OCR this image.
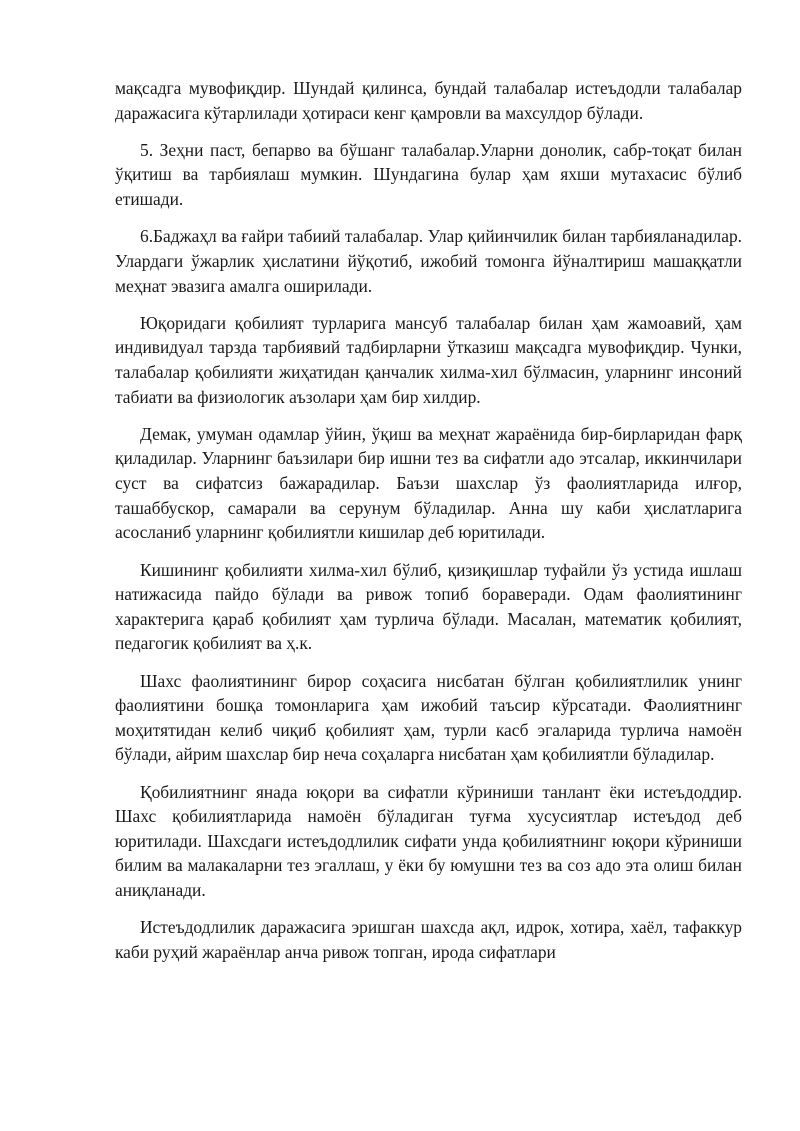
мақсадга мувофиқдир. Шундай қилинса, бундай талабалар истеъдодли талабалар даражасига кўтарлилади ҳотираси кенг қамровли ва махсулдор бўлади.

5. Зеҳни паст, бепарво ва бўшанг талабалар.Уларни донолик, сабр-тоқат билан ўқитиш ва тарбиялаш мумкин. Шундагина булар ҳам яхши мутахасис бўлиб етишади.

6.Баджаҳл ва ғайри табиий талабалар. Улар қийинчилик билан тарбияланадилар. Улардаги ўжарлик ҳислатини йўқотиб, ижобий томонга йўналтириш машаққатли меҳнат эвазига амалга оширилади.

Юқоридаги қобилият турларига мансуб талабалар билан ҳам жамоавий, ҳам индивидуал тарзда тарбиявий тадбирларни ўтказиш мақсадга мувофиқдир. Чунки, талабалар қобилияти жиҳатидан қанчалик хилма-хил бўлмасин, уларнинг инсоний табиати ва физиологик аъзолари ҳам бир хилдир.

Демак, умуман одамлар ўйин, ўқиш ва меҳнат жараёнида бир-бирларидан фарқ қиладилар. Уларнинг баъзилари бир ишни тез ва сифатли адо этсалар, иккинчилари суст ва сифатсиз бажарадилар. Баъзи шахслар ўз фаолиятларида илғор, ташаббускор, самарали ва серунум бўладилар. Анна шу каби ҳислатларига асосланиб уларнинг қобилиятли кишилар деб юритилади.

Кишининг қобилияти хилма-хил бўлиб, қизиқишлар туфайли ўз устида ишлаш натижасида пайдо бўлади ва ривож топиб бораверади. Одам фаолиятининг характерига қараб қобилият ҳам турлича бўлади. Масалан, математик қобилият, педагогик қобилият ва ҳ.к.

Шахс фаолиятининг бирор соҳасига нисбатан бўлган қобилиятлилик унинг фаолиятини бошқа томонларига ҳам ижобий таъсир кўрсатади. Фаолиятнинг моҳитятидан келиб чиқиб қобилият ҳам, турли касб эгаларида турлича намоён бўлади, айрим шахслар бир неча соҳаларга нисбатан ҳам қобилиятли бўладилар.

Қобилиятнинг янада юқори ва сифатли кўриниши танлант ёки истеъдоддир. Шахс қобилиятларида намоён бўладиган туғма хусусиятлар истеъдод деб юритилади. Шахсдаги истеъдодлилик сифати унда қобилиятнинг юқори кўриниши билим ва малакаларни тез эгаллаш, у ёки бу юмушни тез ва соз адо эта олиш билан аниқланади.

Истеъдодлилик даражасига эришган шахсда ақл, идрок, хотира, хаёл, тафаккур каби руҳий жараёнлар анча ривож топган, ирода сифатлари
